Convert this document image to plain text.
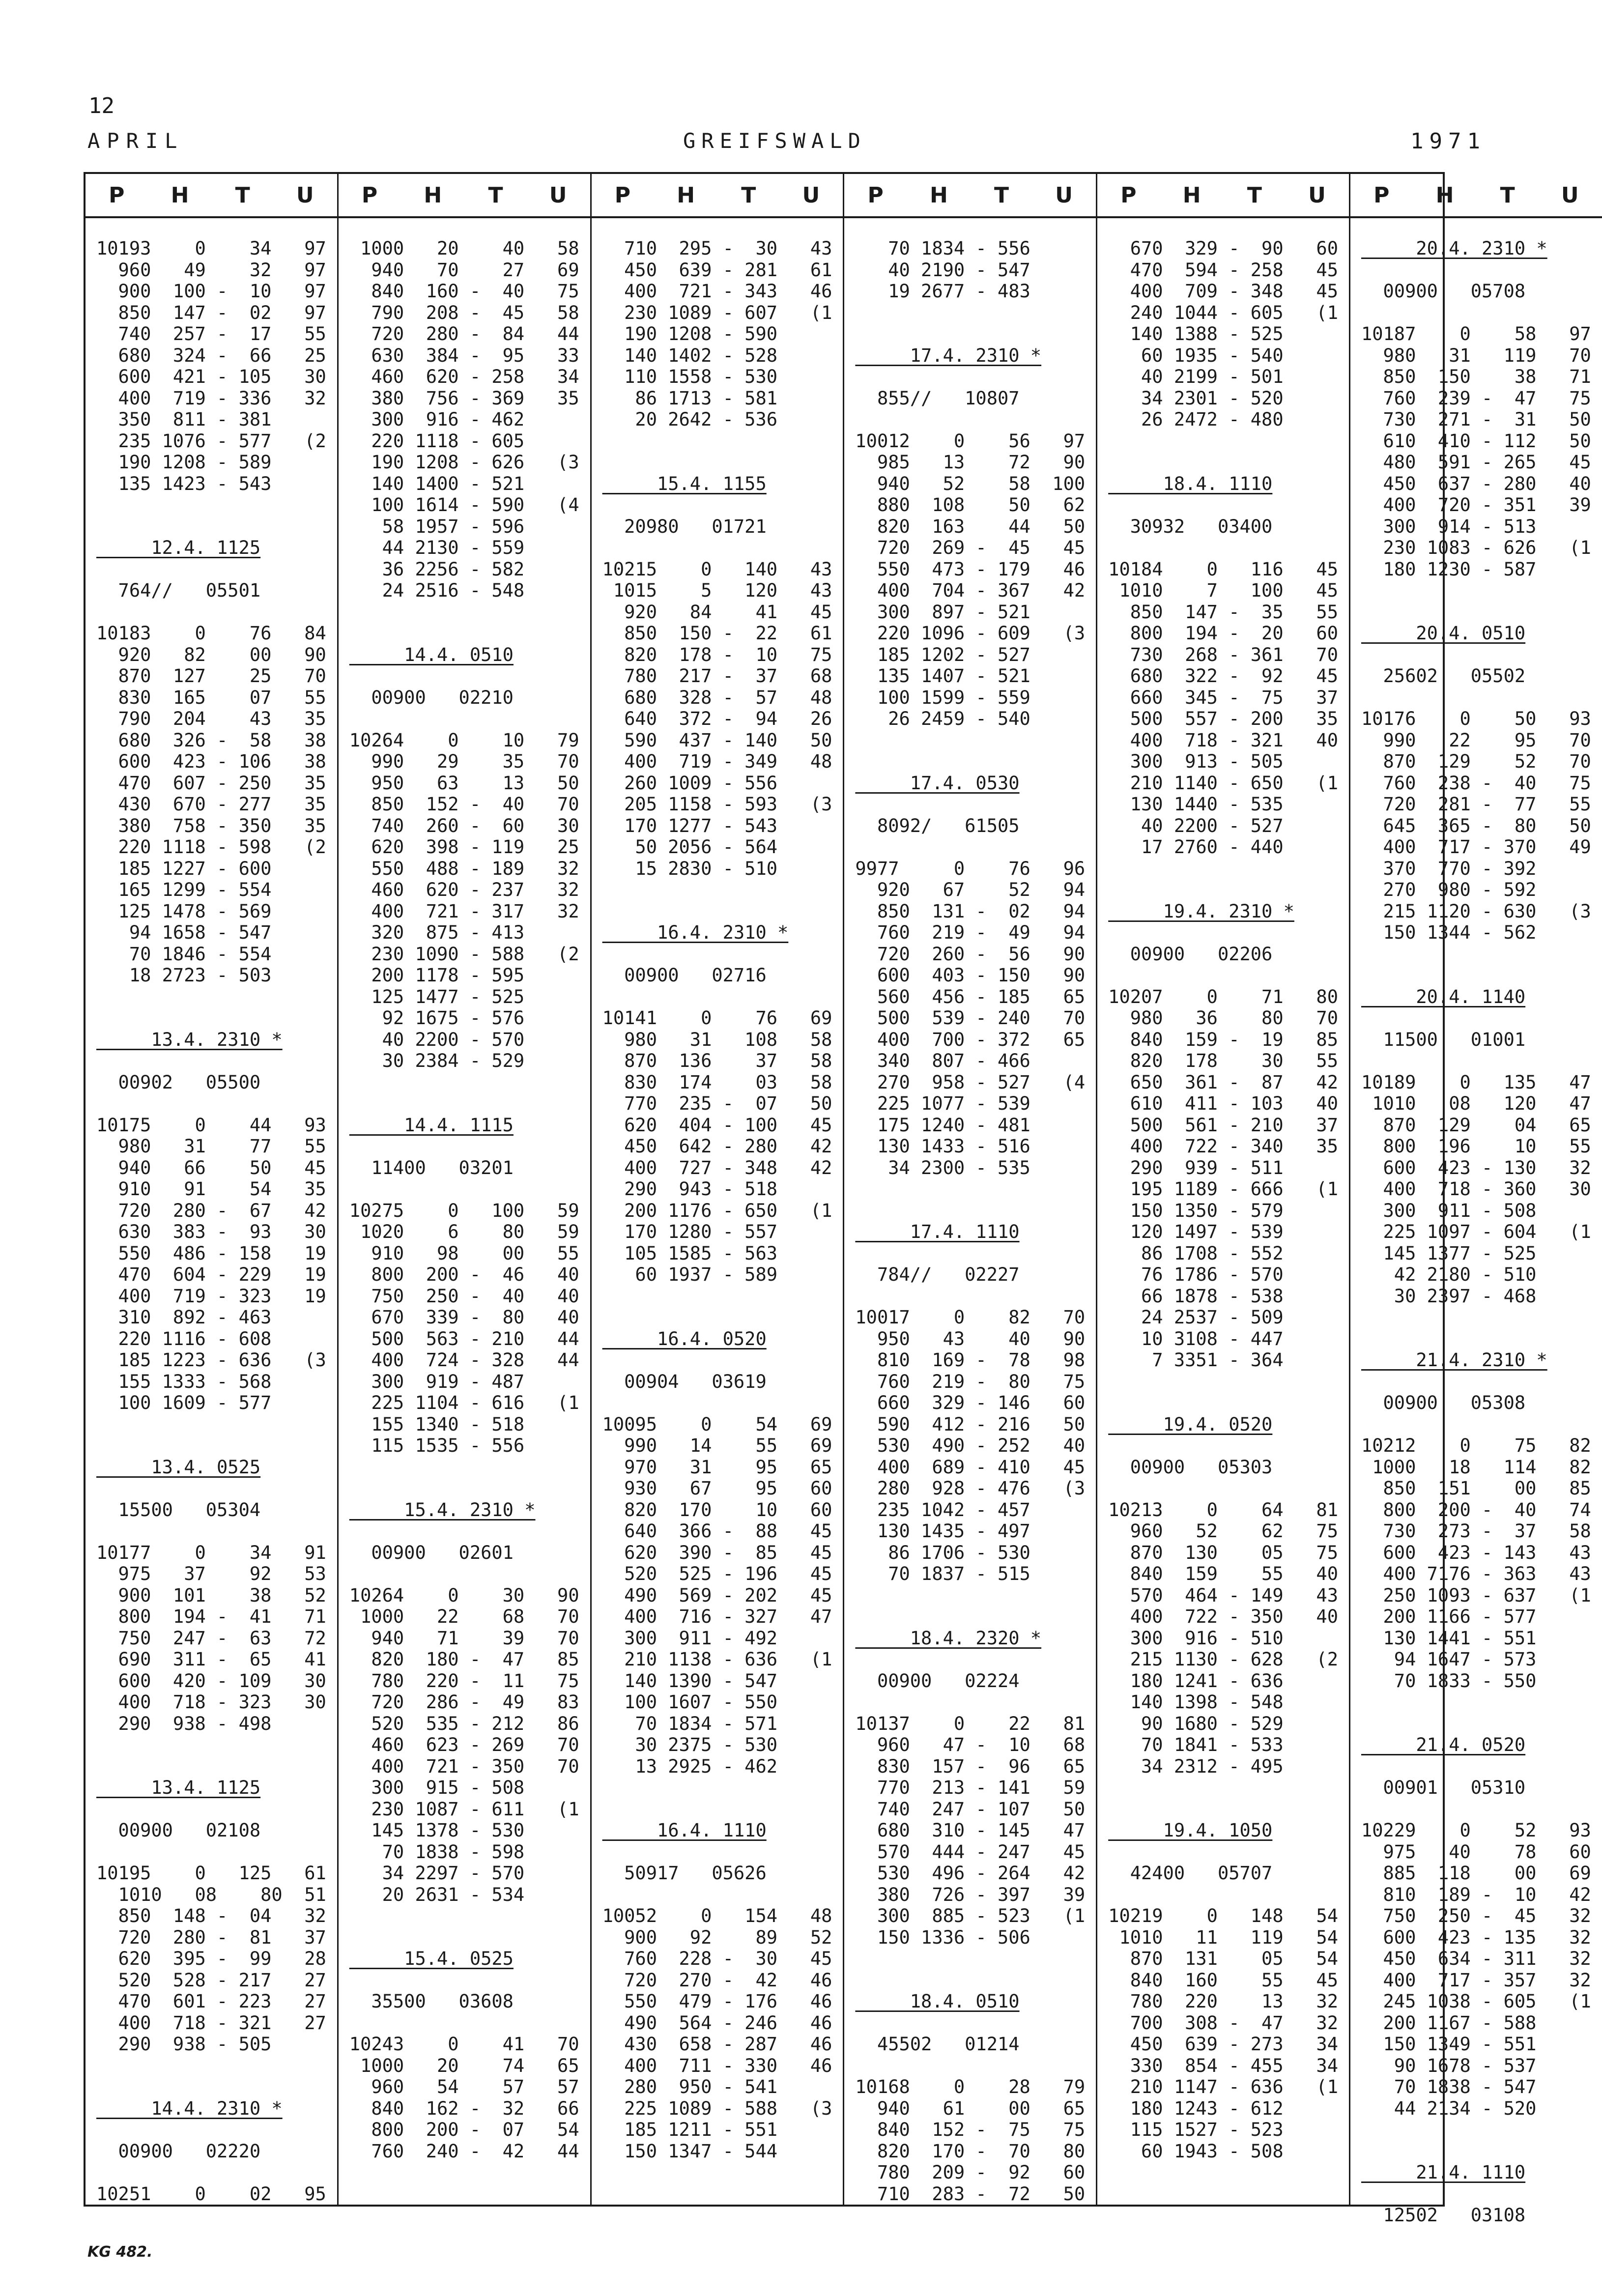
12
APRIL	GREIFSWALD	1971
P H T U
10193    0    34   97
960   49    32   97
900  100 -  10   97
850  147 -  02   97
740  257 -  17   55
680  324 -  66   25
600  421 - 105   30
400  719 - 336   32
350  811 - 381
235 1076 - 577   (2
190 1208 - 589
135 1423 - 543
12.4. 1125
764//   05501
10183    0    76   84
920   82    00   90
870  127    25   70
830  165    07   55
790  204    43   35
680  326 -  58   38
600  423 - 106   38
470  607 - 250   35
430  670 - 277   35
380  758 - 350   35
220 1118 - 598   (2
185 1227 - 600
165 1299 - 554
125 1478 - 569
94 1658 - 547
70 1846 - 554
18 2723 - 503
13.4. 2310 *
00902   05500
10175    0    44   93
980   31    77   55
940   66    50   45
910   91    54   35
720  280 -  67   42
630  383 -  93   30
550  486 - 158   19
470  604 - 229   19
400  719 - 323   19
310  892 - 463
220 1116 - 608
185 1223 - 636   (3
155 1333 - 568
100 1609 - 577
13.4. 0525
15500   05304
10177    0    34   91
975   37    92   53
900  101    38   52
800  194 -  41   71
750  247 -  63   72
690  311 -  65   41
600  420 - 109   30
400  718 - 323   30
290  938 - 498
13.4. 1125
00900   02108
10195    0   125   61
1010   08    80  51
850  148 -  04   32
720  280 -  81   37
620  395 -  99   28
520  528 - 217   27
470  601 - 223   27
400  718 - 321   27
290  938 - 505
14.4. 2310 *
00900   02220
10251    0    02   95
P H T U
1000   20    40   58
940   70    27   69
840  160 -  40   75
790  208 -  45   58
720  280 -  84   44
630  384 -  95   33
460  620 - 258   34
380  756 - 369   35
300  916 - 462
220 1118 - 605
190 1208 - 626   (3
140 1400 - 521
100 1614 - 590   (4
58 1957 - 596
44 2130 - 559
36 2256 - 582
24 2516 - 548
14.4. 0510
00900   02210
10264    0    10   79
990   29    35   70
950   63    13   50
850  152 -  40   70
740  260 -  60   30
620  398 - 119   25
550  488 - 189   32
460  620 - 237   32
400  721 - 317   32
320  875 - 413
230 1090 - 588   (2
200 1178 - 595
125 1477 - 525
92 1675 - 576
40 2200 - 570
30 2384 - 529
14.4. 1115
11400   03201
10275    0   100   59
1020    6    80   59
910   98    00   55
800  200 -  46   40
750  250 -  40   40
670  339 -  80   40
500  563 - 210   44
400  724 - 328   44
300  919 - 487
225 1104 - 616   (1
155 1340 - 518
115 1535 - 556
15.4. 2310 *
00900   02601
10264    0    30   90
1000   22    68   70
940   71    39   70
820  180 -  47   85
780  220 -  11   75
720  286 -  49   83
520  535 - 212   86
460  623 - 269   70
400  721 - 350   70
300  915 - 508
230 1087 - 611   (1
145 1378 - 530
70 1838 - 598
34 2297 - 570
20 2631 - 534
15.4. 0525
35500   03608
10243    0    41   70
1000   20    74   65
960   54    57   57
840  162 -  32   66
800  200 -  07   54
760  240 -  42   44
P H T U
710  295 -  30   43
450  639 - 281   61
400  721 - 343   46
230 1089 - 607   (1
190 1208 - 590
140 1402 - 528
110 1558 - 530
86 1713 - 581
20 2642 - 536
15.4. 1155
20980   01721
10215    0   140   43
1015    5   120   43
920   84    41   45
850  150 -  22   61
820  178 -  10   75
780  217 -  37   68
680  328 -  57   48
640  372 -  94   26
590  437 - 140   50
400  719 - 349   48
260 1009 - 556
205 1158 - 593   (3
170 1277 - 543
50 2056 - 564
15 2830 - 510
16.4. 2310 *
00900   02716
10141    0    76   69
980   31   108   58
870  136    37   58
830  174    03   58
770  235 -  07   50
620  404 - 100   45
450  642 - 280   42
400  727 - 348   42
290  943 - 518
200 1176 - 650   (1
170 1280 - 557
105 1585 - 563
60 1937 - 589
16.4. 0520
00904   03619
10095    0    54   69
990   14    55   69
970   31    95   65
930   67    95   60
820  170    10   60
640  366 -  88   45
620  390 -  85   45
520  525 - 196   45
490  569 - 202   45
400  716 - 327   47
300  911 - 492
210 1138 - 636   (1
140 1390 - 547
100 1607 - 550
70 1834 - 571
30 2375 - 530
13 2925 - 462
16.4. 1110
50917   05626
10052    0   154   48
900   92    89   52
760  228 -  30   45
720  270 -  42   46
550  479 - 176   46
490  564 - 246   46
430  658 - 287   46
400  711 - 330   46
280  950 - 541
225 1089 - 588   (3
185 1211 - 551
150 1347 - 544
P H T U
70 1834 - 556
40 2190 - 547
19 2677 - 483
17.4. 2310 *
855//   10807
10012    0    56   97
985   13    72   90
940   52    58  100
880  108    50   62
820  163    44   50
720  269 -  45   45
550  473 - 179   46
400  704 - 367   42
300  897 - 521
220 1096 - 609   (3
185 1202 - 527
135 1407 - 521
100 1599 - 559
26 2459 - 540
17.4. 0530
8092/   61505
9977     0    76   96
920   67    52   94
850  131 -  02   94
760  219 -  49   94
720  260 -  56   90
600  403 - 150   90
560  456 - 185   65
500  539 - 240   70
400  700 - 372   65
340  807 - 466
270  958 - 527   (4
225 1077 - 539
175 1240 - 481
130 1433 - 516
34 2300 - 535
17.4. 1110
784//   02227
10017    0    82   70
950   43    40   90
810  169 -  78   98
760  219 -  80   75
660  329 - 146   60
590  412 - 216   50
530  490 - 252   40
400  689 - 410   45
280  928 - 476   (3
235 1042 - 457
130 1435 - 497
86 1706 - 530
70 1837 - 515
18.4. 2320 *
00900   02224
10137    0    22   81
960   47 -  10   68
830  157 -  96   65
770  213 - 141   59
740  247 - 107   50
680  310 - 145   47
570  444 - 247   45
530  496 - 264   42
380  726 - 397   39
300  885 - 523   (1
150 1336 - 506
18.4. 0510
45502   01214
10168    0    28   79
940   61    00   65
840  152 -  75   75
820  170 -  70   80
780  209 -  92   60
710  283 -  72   50
P H T U
670  329 -  90   60
470  594 - 258   45
400  709 - 348   45
240 1044 - 605   (1
140 1388 - 525
60 1935 - 540
40 2199 - 501
34 2301 - 520
26 2472 - 480
18.4. 1110
30932   03400
10184    0   116   45
1010    7   100   45
850  147 -  35   55
800  194 -  20   60
730  268 - 361   70
680  322 -  92   45
660  345 -  75   37
500  557 - 200   35
400  718 - 321   40
300  913 - 505
210 1140 - 650   (1
130 1440 - 535
40 2200 - 527
17 2760 - 440
19.4. 2310 *
00900   02206
10207    0    71   80
980   36    80   70
840  159 -  19   85
820  178    30   55
650  361 -  87   42
610  411 - 103   40
500  561 - 210   37
400  722 - 340   35
290  939 - 511
195 1189 - 666   (1
150 1350 - 579
120 1497 - 539
86 1708 - 552
76 1786 - 570
66 1878 - 538
24 2537 - 509
10 3108 - 447
7 3351 - 364
19.4. 0520
00900   05303
10213    0    64   81
960   52    62   75
870  130    05   75
840  159    55   40
570  464 - 149   43
400  722 - 350   40
300  916 - 510
215 1130 - 628   (2
180 1241 - 636
140 1398 - 548
90 1680 - 529
70 1841 - 533
34 2312 - 495
19.4. 1050
42400   05707
10219    0   148   54
1010   11   119   54
870  131    05   54
840  160    55   45
780  220    13   32
700  308 -  47   32
450  639 - 273   34
330  854 - 455   34
210 1147 - 636   (1
180 1243 - 612
115 1527 - 523
60 1943 - 508
P H T U
20.4. 2310 *
00900   05708
10187    0    58   97
980   31   119   70
850  150    38   71
760  239 -  47   75
730  271 -  31   50
610  410 - 112   50
480  591 - 265   45
450  637 - 280   40
400  720 - 351   39
300  914 - 513
230 1083 - 626   (1
180 1230 - 587
20.4. 0510
25602   05502
10176    0    50   93
990   22    95   70
870  129    52   70
760  238 -  40   75
720  281 -  77   55
645  365 -  80   50
400  717 - 370   49
370  770 - 392
270  980 - 592
215 1120 - 630   (3
150 1344 - 562
20.4. 1140
11500   01001
10189    0   135   47
1010   08   120   47
870  129    04   65
800  196    10   55
600  423 - 130   32
400  718 - 360   30
300  911 - 508
225 1097 - 604   (1
145 1377 - 525
42 2180 - 510
30 2397 - 468
21.4. 2310 *
00900   05308
10212    0    75   82
1000   18   114   82
850  151    00   85
800  200 -  40   74
730  273 -  37   58
600  423 - 143   43
400 7176 - 363   43
250 1093 - 637   (1
200 1166 - 577
130 1441 - 551
94 1647 - 573
70 1833 - 550
21.4. 0520
00901   05310
10229    0    52   93
975   40    78   60
885  118    00   69
810  189 -  10   42
750  250 -  45   32
600  423 - 135   32
450  634 - 311   32
400  717 - 357   32
245 1038 - 605   (1
200 1167 - 588
150 1349 - 551
90 1678 - 537
70 1838 - 547
44 2134 - 520
21.4. 1110
12502   03108
KG 482.
